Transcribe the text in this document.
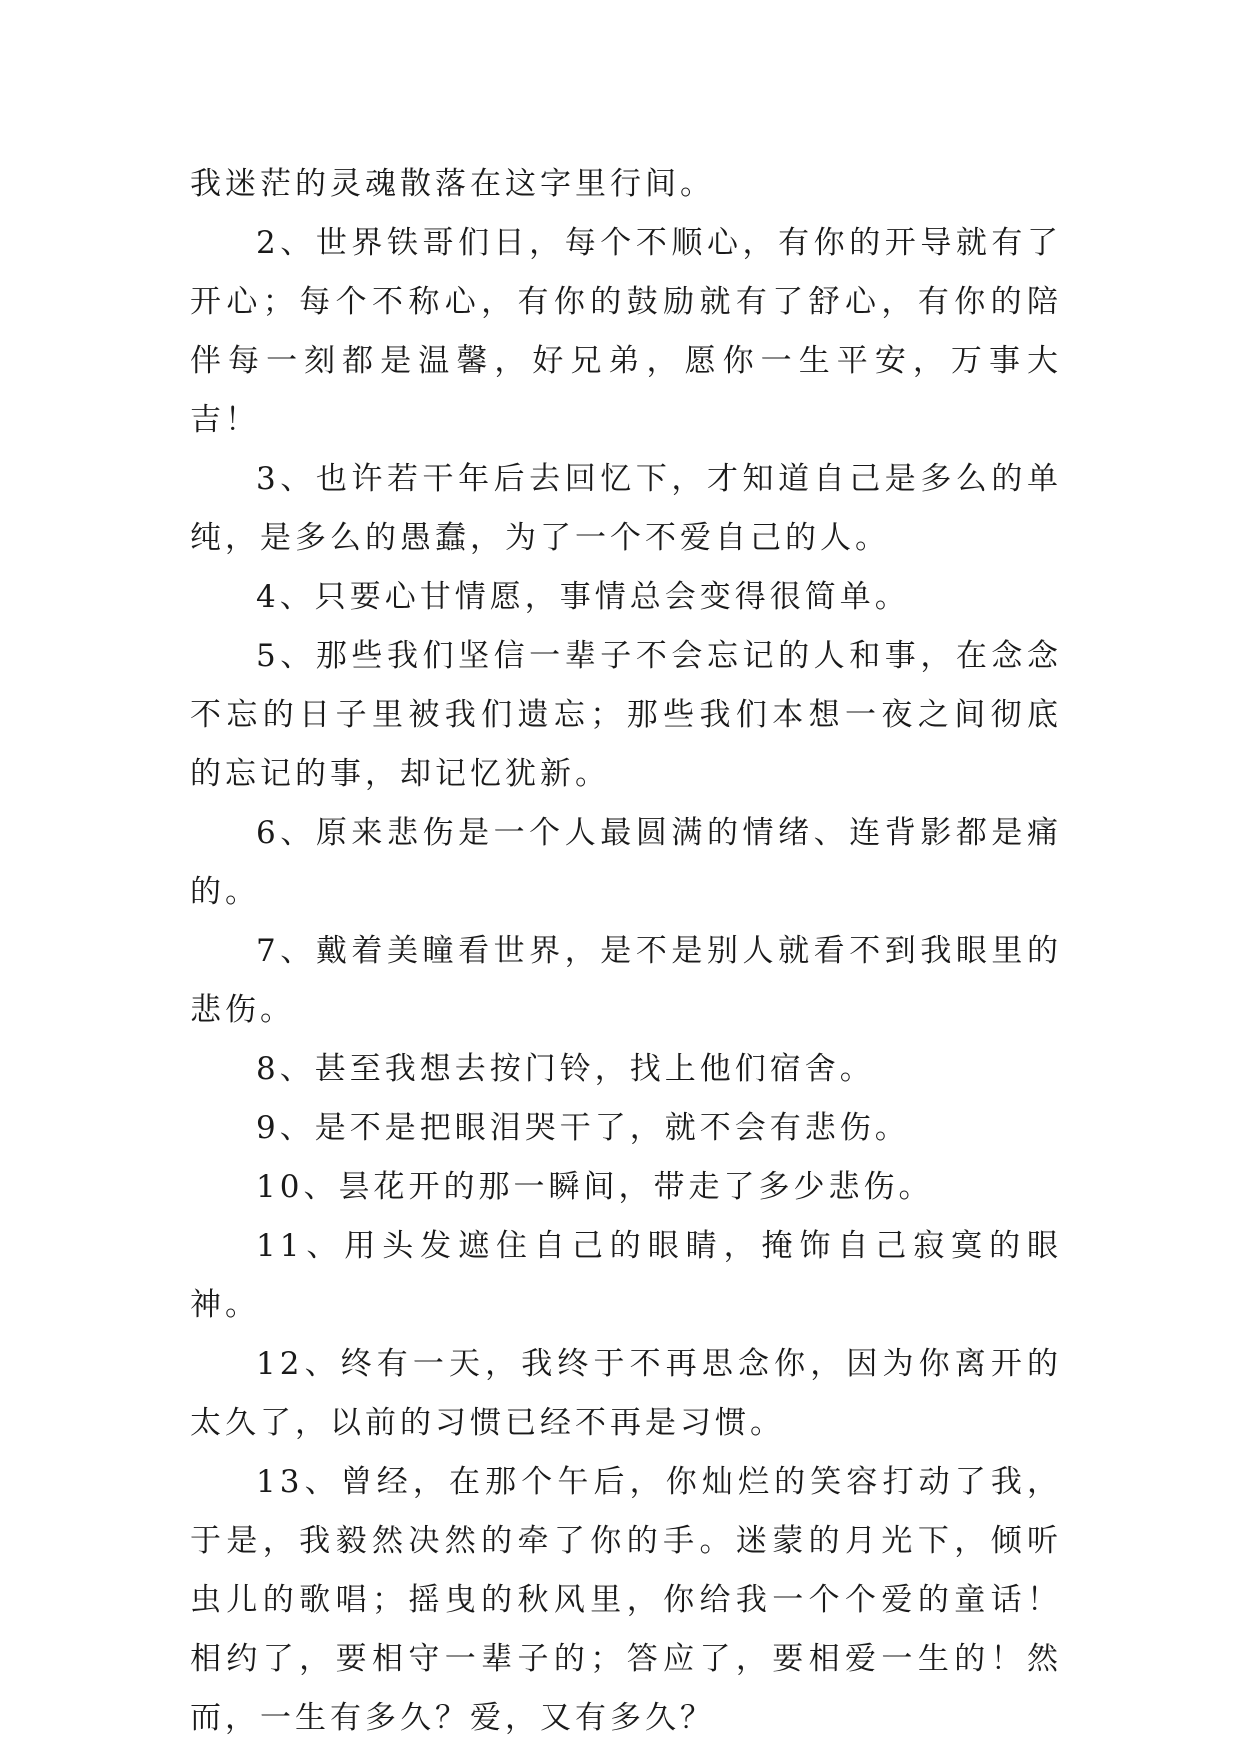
我迷茫的灵魂散落在这字里行间。

2、世界铁哥们日，每个不顺心，有你的开导就有了开心；每个不称心，有你的鼓励就有了舒心，有你的陪伴每一刻都是温馨，好兄弟，愿你一生平安，万事大吉！

3、也许若干年后去回忆下，才知道自己是多么的单纯，是多么的愚蠢，为了一个不爱自己的人。

4、只要心甘情愿，事情总会变得很简单。

5、那些我们坚信一辈子不会忘记的人和事，在念念不忘的日子里被我们遗忘；那些我们本想一夜之间彻底的忘记的事，却记忆犹新。

6、原来悲伤是一个人最圆满的情绪、连背影都是痛的。

7、戴着美瞳看世界，是不是别人就看不到我眼里的悲伤。

8、甚至我想去按门铃，找上他们宿舍。

9、是不是把眼泪哭干了，就不会有悲伤。

10、昙花开的那一瞬间，带走了多少悲伤。

11、用头发遮住自己的眼睛，掩饰自己寂寞的眼神。

12、终有一天，我终于不再思念你，因为你离开的太久了，以前的习惯已经不再是习惯。

13、曾经，在那个午后，你灿烂的笑容打动了我，于是，我毅然决然的牵了你的手。迷蒙的月光下，倾听虫儿的歌唱；摇曳的秋风里，你给我一个个爱的童话！相约了，要相守一辈子的；答应了，要相爱一生的！然而，一生有多久？爱，又有多久？
